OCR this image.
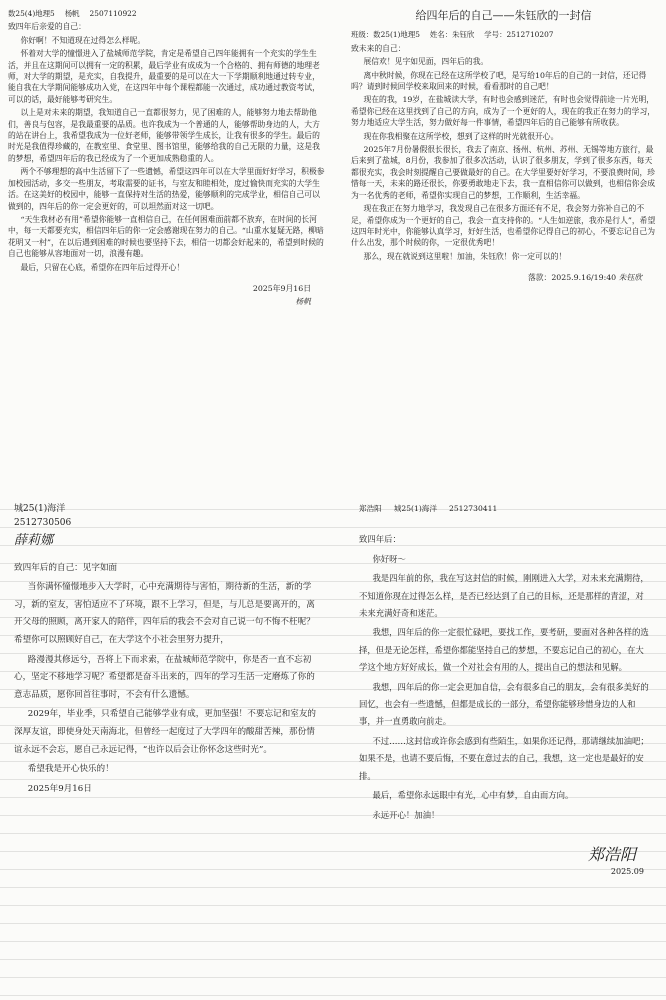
数25(4)地理5 杨帆 2507110922

致四年后亲爱的自己：

你好啊！不知道现在过得怎么样呢。

怀着对大学的憧憬进入了盐城师范学院，肯定是希望自己四年能拥有一个充实的学生生活，并且在这期间可以拥有一定的积累，最后学业有成成为一个合格的、拥有师德的地理老师，对大学的期望，是充实，自我提升，最重要的是可以在大一下学期顺利地通过转专业，能自我在大学期间能够成功入党，在这四年中每个课程都能一次通过，成功通过教资考试，可以的话，最好能够考研究生。

以上是对未来的期望，我知道自己一直都很努力，见了困难的人，能够努力地去帮助他们，善良与包容，是我最重要的品质。也许我成为一个普通的人，能够帮助身边的人，大方的站在讲台上，我希望我成为一位好老师，能够带领学生成长，让我有很多的学生。最后的时光是我值得珍藏的，在教室里、食堂里、图书馆里，能够给我的自己无限的力量，这是我的梦想，希望四年后的我已经成为了一个更加成熟稳重的人。

两个不够理想的高中生活留下了一些遗憾，希望这四年可以在大学里面好好学习，积极参加校园活动，多交一些朋友，考取需要的证书，与室友和睦相处，度过愉快而充实的大学生活。在这美好的校园中，能够一直保持对生活的热爱，能够顺利的完成学业，相信自己可以做到的，四年后的你一定会更好的，可以坦然面对这一切吧。

“天生我材必有用”希望你能够一直相信自己，在任何困难面前都不放弃，在时间的长河中，每一天都要充实，相信四年后的你一定会感谢现在努力的自己。“山重水复疑无路，柳暗花明又一村”，在以后遇到困难的时候也要坚持下去，相信一切都会好起来的，希望到时候的自己也能够从容地面对一切，浪漫有趣。

最后，只留在心底，希望你在四年后过得开心！

2025年9月16日

杨帆

给四年后的自己——朱钰欣的一封信
班级：数25(1)地理5 姓名：朱钰欣 学号：2512710207

致未来的自己：

展信欢！见字如见面，四年后的我。

离中秋时候，你现在已经在这所学校了吧，是写给10年后的自己的一封信，还记得吗？请到时候回学校来取回来的时候，看看那时的自己吧！

现在的我，19岁，在盐城读大学，有时也会感到迷茫，有时也会觉得前途一片光明，希望你已经在这里找到了自己的方向，成为了一个更好的人，现在的我正在努力的学习，努力地适应大学生活，努力做好每一件事情，希望四年后的自己能够有所收获。

现在你我相聚在这所学校，想到了这样的时光就很开心。

2025年7月份暑假很长很长，我去了南京、扬州、杭州、苏州、无锡等地方旅行，最后来到了盐城，8月份，我参加了很多次活动，认识了很多朋友，学到了很多东西，每天都很充实，我会时刻提醒自己要做最好的自己。在大学里要好好学习，不要浪费时间，珍惜每一天，未来的路还很长，你要勇敢地走下去，我一直相信你可以做到，也相信你会成为一名优秀的老师，希望你实现自己的梦想，工作顺利，生活幸福。

现在我正在努力地学习，我发现自己在很多方面还有不足，我会努力弥补自己的不足，希望你成为一个更好的自己，我会一直支持你的。“人生如逆旅，我亦是行人”，希望这四年时光中，你能够认真学习，好好生活，也希望你记得自己的初心，不要忘记自己为什么出发，那个时候的你，一定很优秀吧！

那么，现在就说到这里啦！加油，朱钰欣！你一定可以的！

落款：2025.9.16/19:40 朱钰欣

城25(1)海洋
2512730506
薛莉娜

致四年后的自己：见字如面

当你满怀憧憬地步入大学时，心中充满期待与害怕，期待新的生活，新的学习，新的室友，害怕适应不了环境，跟不上学习，但是，与儿总是要离开的，离开父母的照顾，离开家人的陪伴，四年后的我会不会对自己说一句不悔不枉呢？希望你可以照顾好自己，在大学这个小社会里努力提升，

路漫漫其修远兮，吾将上下而求索，在盐城师范学院中，你是否一直不忘初心，坚定不移地学习呢？希望都是奋斗出来的，四年的学习生活一定磨炼了你的意志品质，愿你回首往事时，不会有什么遗憾。

2029年，毕业季，只希望自己能够学业有成，更加坚强！不要忘记和室友的深厚友谊，即使身处天南海北，但曾经一起度过了大学四年的酸甜苦辣，那份情谊永远不会忘，愿自己永远记得，“也许以后会让你怀念这些时光”。

希望我是开心快乐的！

2025年9月16日

郑浩阳 城25(1)海洋 2512730411

致四年后：

你好呀～

我是四年前的你，我在写这封信的时候，刚刚进入大学，对未来充满期待，不知道你现在过得怎么样，是否已经达到了自己的目标，还是那样的青涩，对未来充满好奇和迷茫。

我想，四年后的你一定很忙碌吧，要找工作，要考研，要面对各种各样的选择，但是无论怎样，希望你都能坚持自己的梦想，不要忘记自己的初心，在大学这个地方好好成长，做一个对社会有用的人，提出自己的想法和见解。

我想，四年后的你一定会更加自信，会有很多自己的朋友，会有很多美好的回忆，也会有一些遗憾，但都是成长的一部分，希望你能够珍惜身边的人和事，并一直勇敢向前走。

不过……这封信或许你会感到有些陌生，如果你还记得，那请继续加油吧；如果不是，也请不要后悔，不要在意过去的自己，我想，这一定也是最好的安排。

最后，希望你永远眼中有光，心中有梦，自由而方向。

永远开心！加油！

郑浩阳
2025.09
